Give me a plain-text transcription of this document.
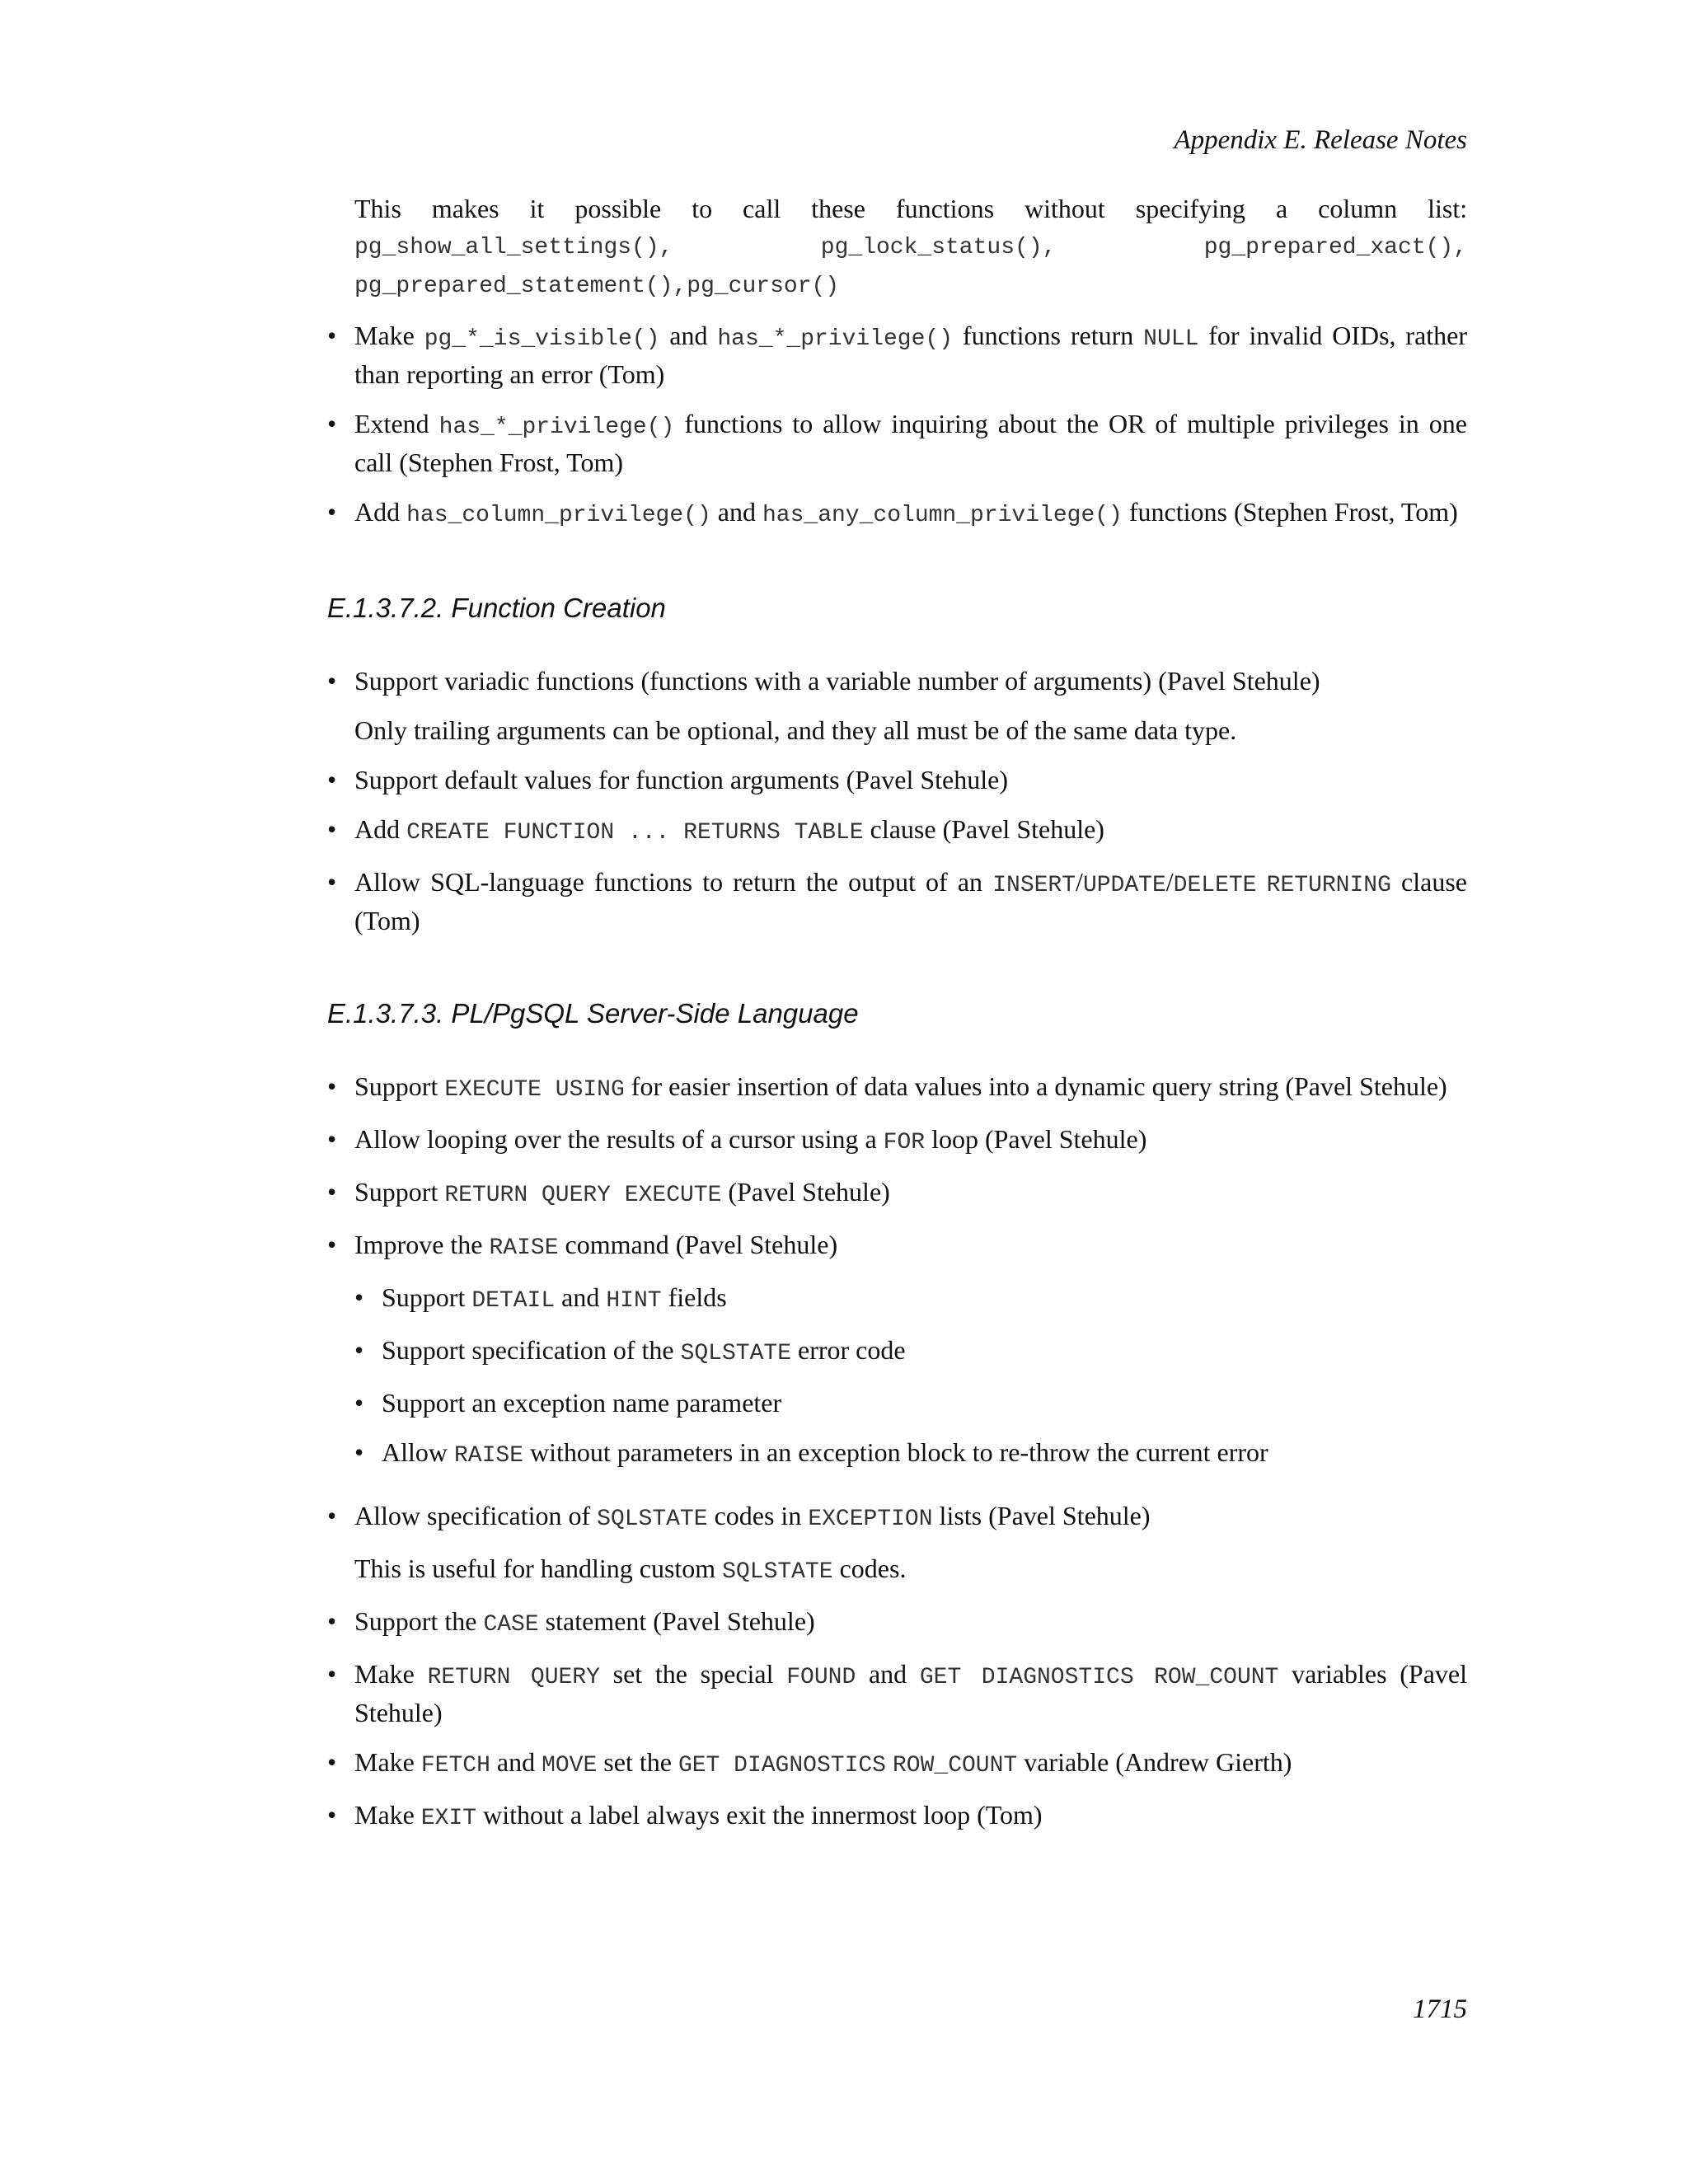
Appendix E. Release Notes
This makes it possible to call these functions without specifying a column list:
pg_show_all_settings(),	pg_lock_status(),	pg_prepared_xact(),
pg_prepared_statement(),pg_cursor()
• Make pg_*_is_visible() and has_*_privilege() functions return NULL for invalid OIDs, rather than reporting an error (Tom)
• Extend has_*_privilege() functions to allow inquiring about the OR of multiple privileges in one call (Stephen Frost, Tom)
• Add has_column_privilege() and has_any_column_privilege() functions (Stephen Frost, Tom)
E.1.3.7.2. Function Creation
• Support variadic functions (functions with a variable number of arguments) (Pavel Stehule)

Only trailing arguments can be optional, and they all must be of the same data type.

• Support default values for function arguments (Pavel Stehule)
• Add CREATE FUNCTION ... RETURNS TABLE clause (Pavel Stehule)
• Allow SQL-language functions to return the output of an INSERT/UPDATE/DELETE RETURNING clause (Tom)
E.1.3.7.3. PL/PgSQL Server-Side Language
• Support EXECUTE USING for easier insertion of data values into a dynamic query string (Pavel Stehule)
• Allow looping over the results of a cursor using a FOR loop (Pavel Stehule)
• Support RETURN QUERY EXECUTE (Pavel Stehule)
• Improve the RAISE command (Pavel Stehule)
• Support DETAIL and HINT fields
• Support specification of the SQLSTATE error code
• Support an exception name parameter
• Allow RAISE without parameters in an exception block to re-throw the current error
• Allow specification of SQLSTATE codes in EXCEPTION lists (Pavel Stehule)

This is useful for handling custom SQLSTATE codes.

• Support the CASE statement (Pavel Stehule)
• Make RETURN QUERY set the special FOUND and GET DIAGNOSTICS ROW_COUNT variables (Pavel Stehule)
• Make FETCH and MOVE set the GET DIAGNOSTICS ROW_COUNT variable (Andrew Gierth)
• Make EXIT without a label always exit the innermost loop (Tom)
1715
